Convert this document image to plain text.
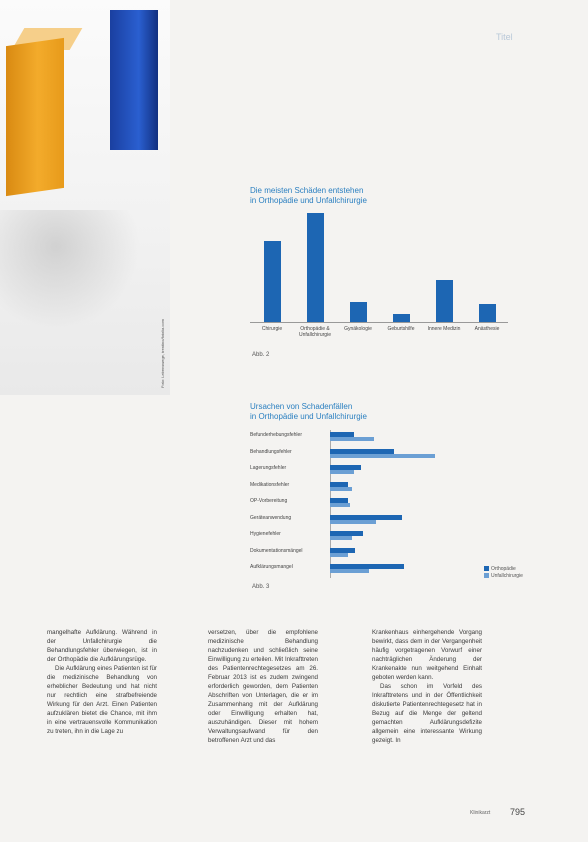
Foto: Lebenswege, trentino/fotolia.com
Titel
Die meisten Schäden entstehen
in Orthopädie und Unfallchirurgie
Chirurgie	Orthopädie & Unfallchirurgie
Gynäkologie	Geburtshilfe	Innere Medizin	Anästhesie
Abb. 2
Ursachen von Schadenfällen
in Orthopädie und Unfallchirurgie
Befunderhebungsfehler
Behandlungsfehler
Lagerungsfehler
Medikationsfehler
OP-Vorbereitung
Geräteanwendung
Hygienefehler
Dokumentationsmängel
Aufklärungsmangel	Orthopädie
Unfallchirurgie
Abb. 3

mangelhafte Aufklärung. Während in der Unfallchirurgie die Behandlungsfehler überwiegen, ist in der Orthopädie die Aufklärungsrüge.

Die Aufklärung eines Patienten ist für die medizinische Behandlung von erheblicher Bedeutung und hat nicht nur rechtlich eine strafbefreiende Wirkung für den Arzt. Einen Patienten aufzuklären bietet die Chance, mit ihm in eine vertrauensvolle Kommunikation zu treten, ihn in die Lage zu

versetzen, über die empfohlene medizinische Behandlung nachzudenken und schließlich seine Einwilligung zu erteilen. Mit Inkrafttreten des Patientenrechtegesetzes am 26. Februar 2013 ist es zudem zwingend erforderlich geworden, dem Patienten Abschriften von Unterlagen, die er im Zusammenhang mit der Aufklärung oder Einwilligung erhalten hat, auszuhändigen. Dieser mit hohem Verwaltungsaufwand für den betroffenen Arzt und das

Krankenhaus einhergehende Vorgang bewirkt, dass dem in der Vergangenheit häufig vorgetragenen Vorwurf einer nachträglichen Änderung der Krankenakte nun weitgehend Einhalt geboten werden kann.

Das schon im Vorfeld des Inkrafttretens und in der Öffentlichkeit diskutierte Patientenrechtegesetz hat in Bezug auf die Menge der geltend gemachten Aufklärungsdefizite allgemein eine interessante Wirkung gezeigt. In

Klinikarzt 795
